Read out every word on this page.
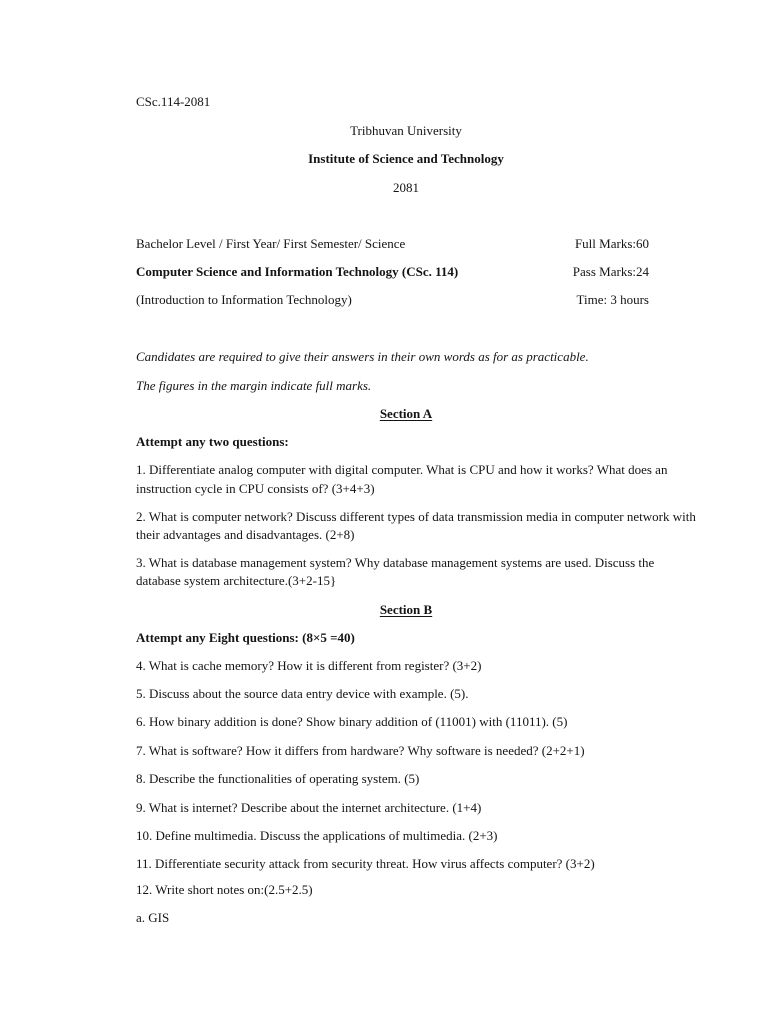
CSc.114-2081
Tribhuvan University
Institute of Science and Technology
2081
Bachelor Level / First Year/ First Semester/ Science	Full Marks:60
Computer Science and Information Technology (CSc. 114)	Pass Marks:24
(Introduction to Information Technology)	Time: 3 hours
Candidates are required to give their answers in their own words as for as practicable.
The figures in the margin indicate full marks.
Section A
Attempt any two questions:
1. Differentiate analog computer with digital computer. What is CPU and how it works? What does an
instruction cycle in CPU consists of? (3+4+3)
2. What is computer network? Discuss different types of data transmission media in computer network with
their advantages and disadvantages. (2+8)
3. What is database management system? Why database management systems are used. Discuss the
database system architecture.(3+2-15}
Section B
Attempt any Eight questions: (8×5 =40)
4. What is cache memory? How it is different from register? (3+2)
5. Discuss about the source data entry device with example. (5).
6. How binary addition is done? Show binary addition of (11001) with (11011). (5)
7. What is software? How it differs from hardware? Why software is needed? (2+2+1)
8. Describe the functionalities of operating system. (5)
9. What is internet? Describe about the internet architecture. (1+4)
10. Define multimedia. Discuss the applications of multimedia. (2+3)
11. Differentiate security attack from security threat. How virus affects computer? (3+2)
12. Write short notes on:(2.5+2.5)
a. GIS
